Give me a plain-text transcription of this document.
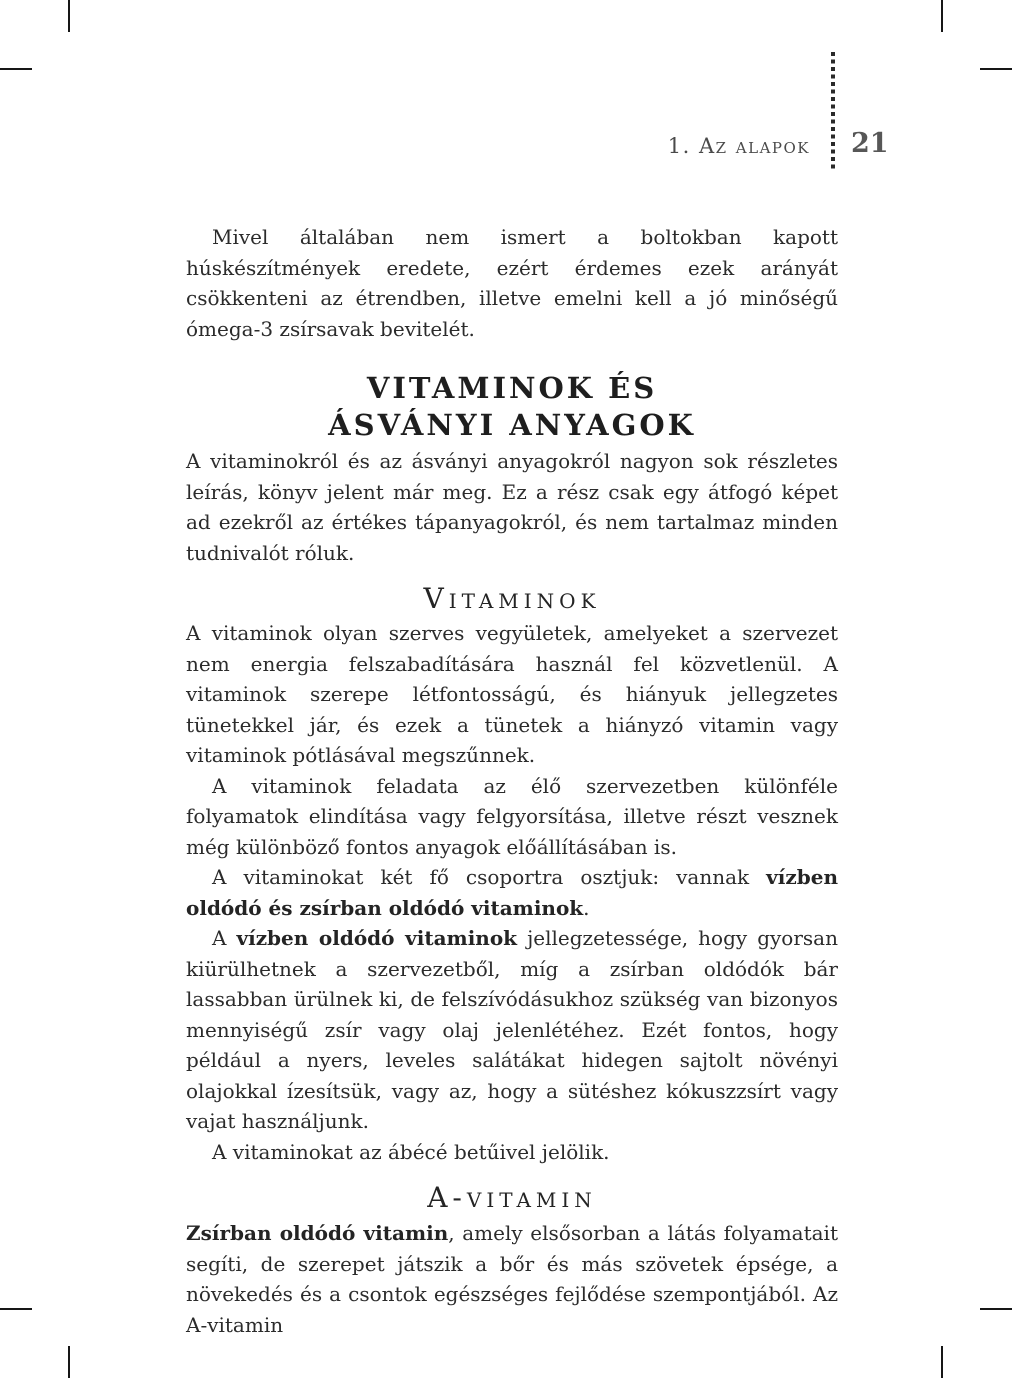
1. Az alapok 21

Mivel általában nem ismert a boltokban kapott húskészítmények eredete, ezért érdemes ezek arányát csökkenteni az étrendben, illetve emelni kell a jó minőségű ómega-3 zsírsavak bevitelét.

VITAMINOK ÉS
ÁSVÁNYI ANYAGOK

A vitaminokról és az ásványi anyagokról nagyon sok részletes leírás, könyv jelent már meg. Ez a rész csak egy átfogó képet ad ezekről az értékes tápanyagokról, és nem tartalmaz minden tudnivalót róluk.

Vitaminok

A vitaminok olyan szerves vegyületek, amelyeket a szervezet nem energia felszabadítására használ fel közvetlenül. A vitaminok szerepe létfontosságú, és hiányuk jellegzetes tünetekkel jár, és ezek a tünetek a hiányzó vitamin vagy vitaminok pótlásával megszűnnek.

A vitaminok feladata az élő szervezetben különféle folyamatok elindítása vagy felgyorsítása, illetve részt vesznek még különböző fontos anyagok előállításában is.

A vitaminokat két fő csoportra osztjuk: vannak vízben oldódó és zsírban oldódó vitaminok.

A vízben oldódó vitaminok jellegzetessége, hogy gyorsan kiürülhetnek a szervezetből, míg a zsírban oldódók bár lassabban ürülnek ki, de felszívódásukhoz szükség van bizonyos mennyiségű zsír vagy olaj jelenlétéhez. Ezét fontos, hogy például a nyers, leveles salátákat hidegen sajtolt növényi olajokkal ízesítsük, vagy az, hogy a sütéshez kókuszzsírt vagy vajat használjunk.

A vitaminokat az ábécé betűivel jelölik.

A-vitamin

Zsírban oldódó vitamin, amely elsősorban a látás folyamatait segíti, de szerepet játszik a bőr és más szövetek épsége, a növekedés és a csontok egészséges fejlődése szempontjából. Az A-vitamin
